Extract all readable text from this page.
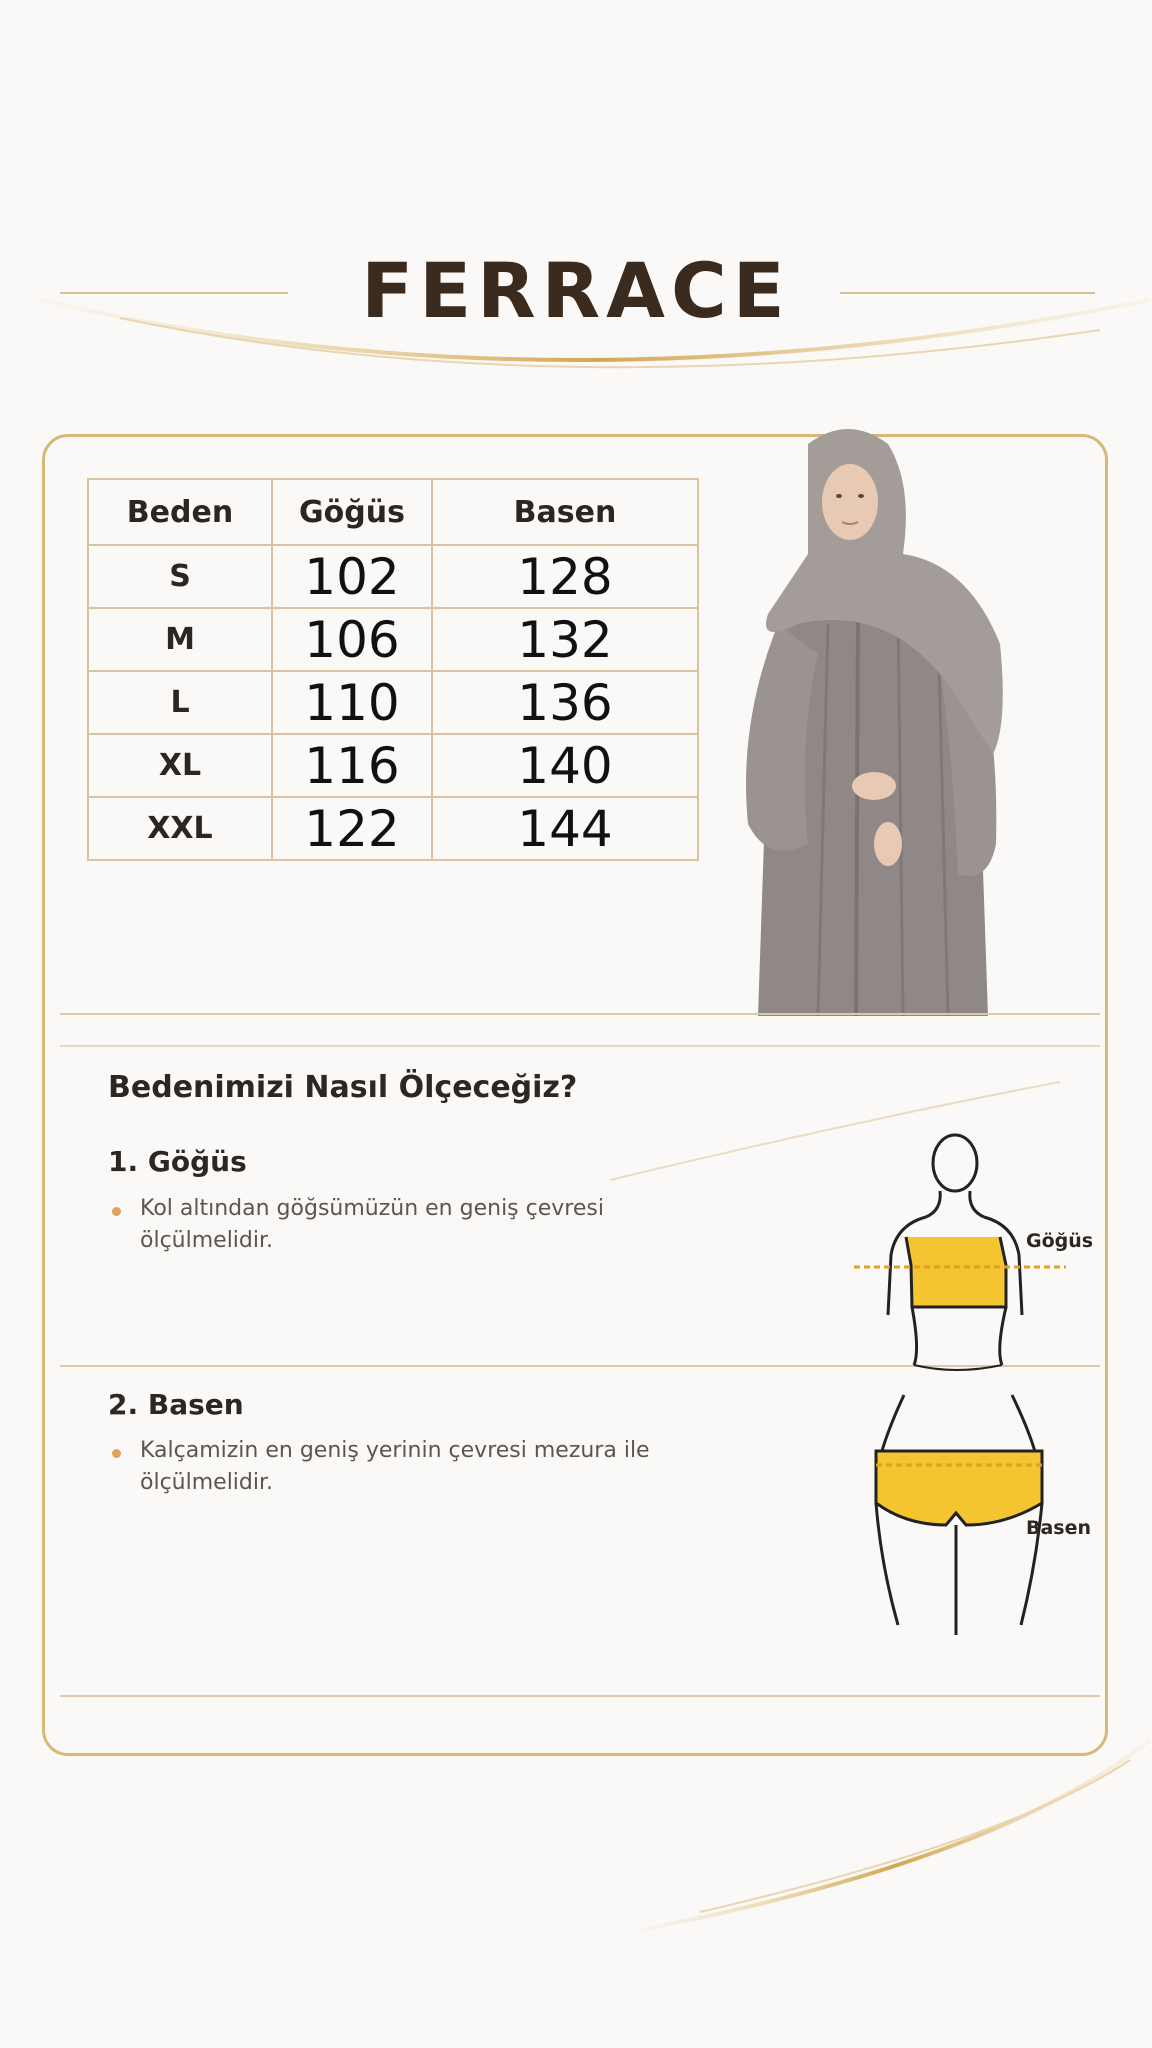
FERRACE
Beden	Göğüs	Basen
S	102	128
M	106	132
L	110	136
XL	116	140
XXL	122	144
Bedenimizi Nasıl Ölçeceğiz?
1. Göğüs

Kol altından göğsümüzün en geniş çevresi
ölçülmelidir.

2. Basen

Kalçamizin en geniş yerinin çevresi mezura ile
ölçülmelidir.

Göğüs
Basen
